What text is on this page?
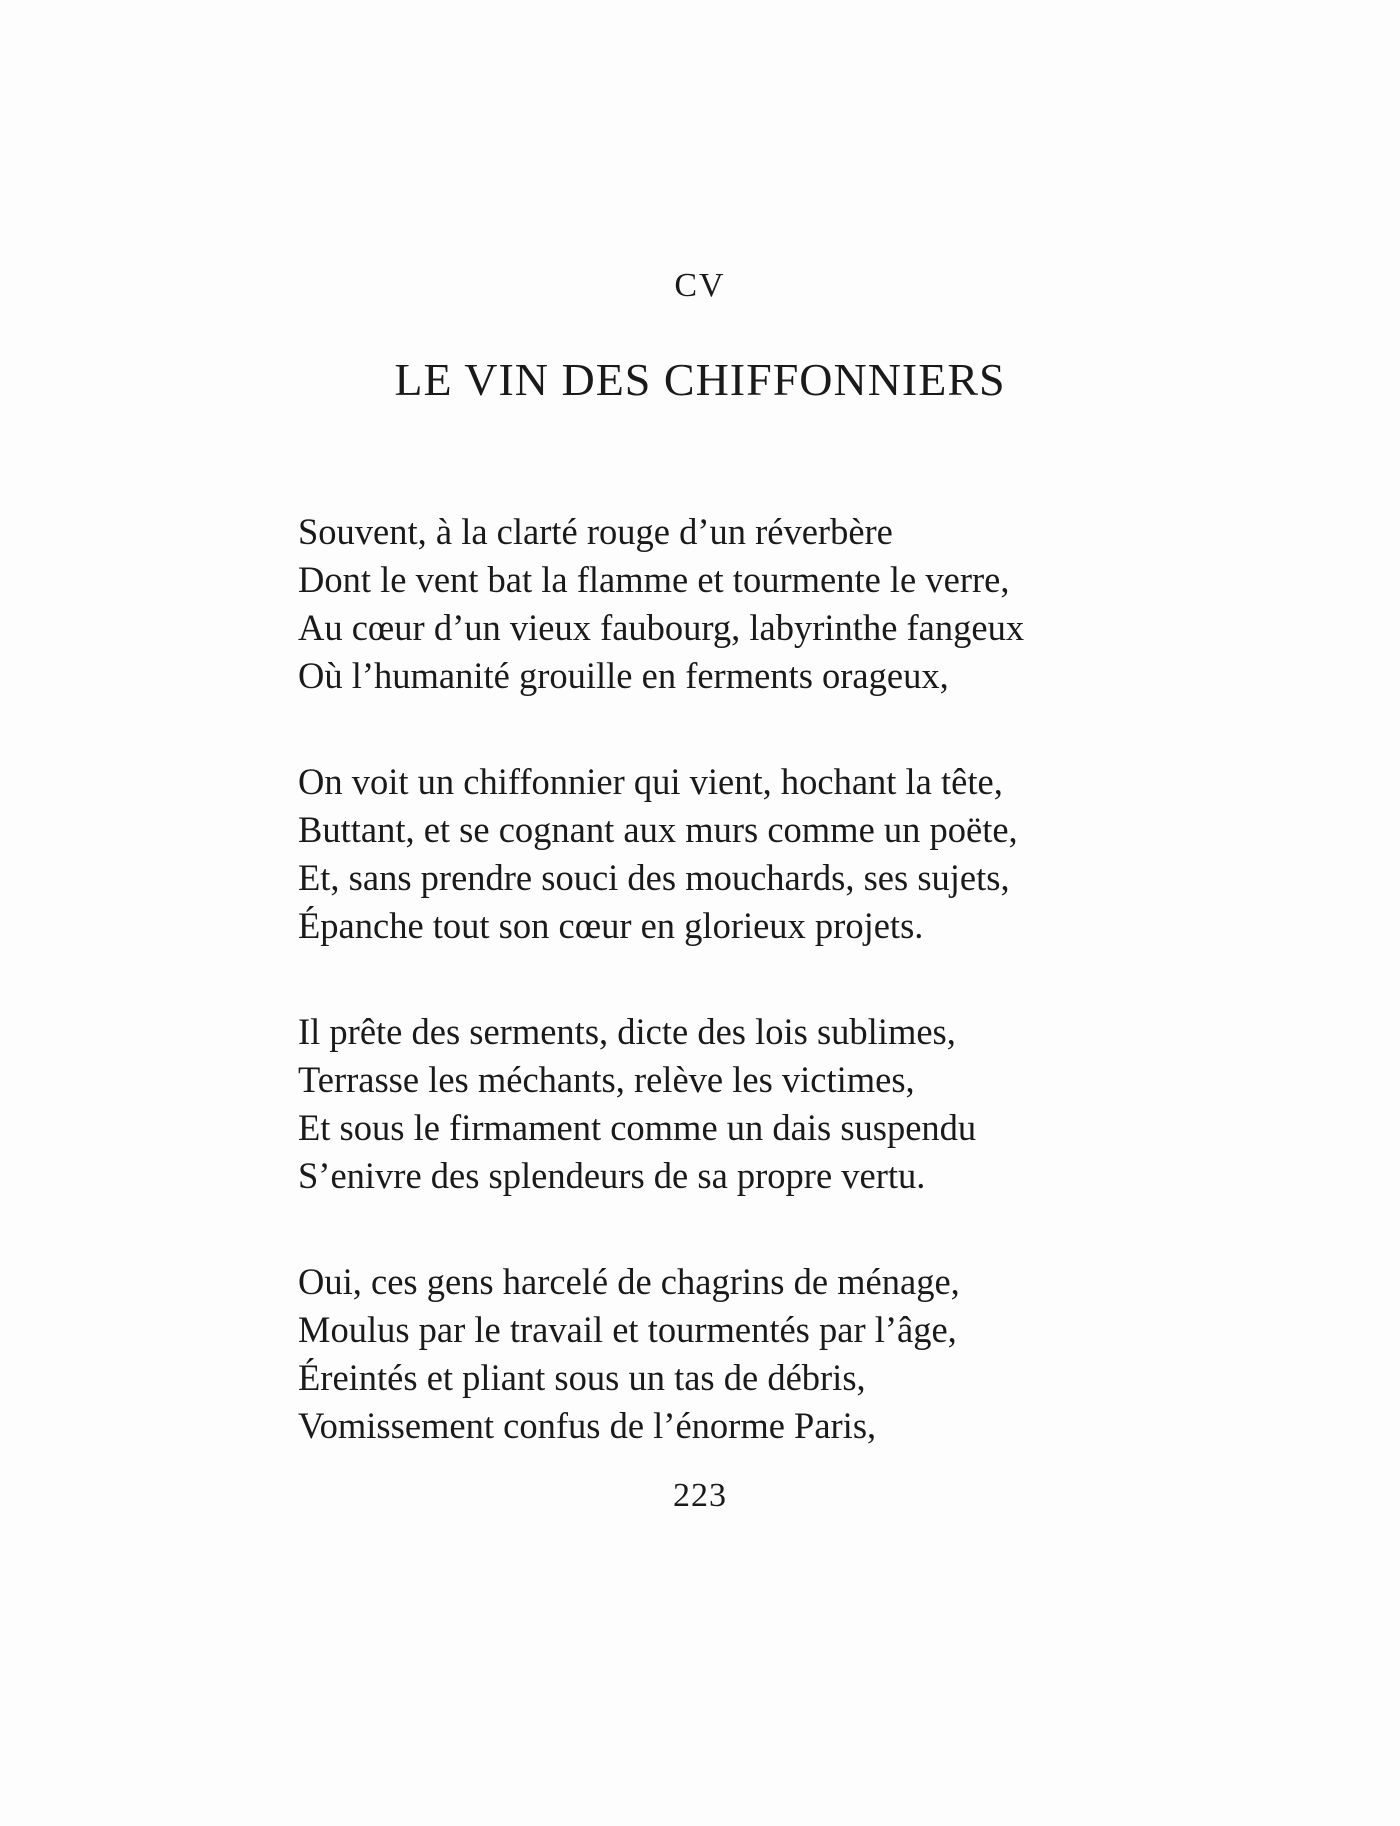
CV
LE VIN DES CHIFFONNIERS
Souvent, à la clarté rouge d’un réverbère
Dont le vent bat la flamme et tourmente le verre,
Au cœur d’un vieux faubourg, labyrinthe fangeux
Où l’humanité grouille en ferments orageux,
On voit un chiffonnier qui vient, hochant la tête,
Buttant, et se cognant aux murs comme un poëte,
Et, sans prendre souci des mouchards, ses sujets,
Épanche tout son cœur en glorieux projets.
Il prête des serments, dicte des lois sublimes,
Terrasse les méchants, relève les victimes,
Et sous le firmament comme un dais suspendu
S’enivre des splendeurs de sa propre vertu.
Oui, ces gens harcelé de chagrins de ménage,
Moulus par le travail et tourmentés par l’âge,
Éreintés et pliant sous un tas de débris,
Vomissement confus de l’énorme Paris,
223
